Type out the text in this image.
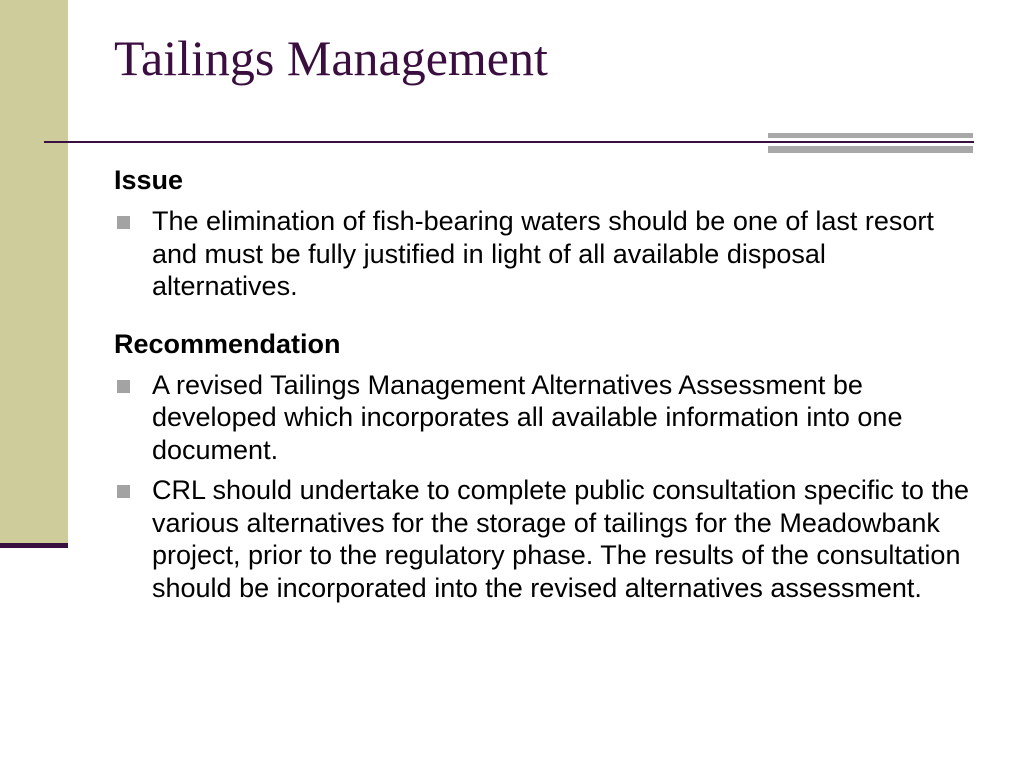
Tailings Management
Issue
The elimination of fish-bearing waters should be one of last resort and must be fully justified in light of all available disposal alternatives.
Recommendation
A revised Tailings Management Alternatives Assessment be developed which incorporates all available information into one document.
CRL should undertake to complete public consultation specific to the various alternatives for the storage of tailings for the Meadowbank project, prior to the regulatory phase. The results of the consultation should be incorporated into the revised alternatives assessment.
